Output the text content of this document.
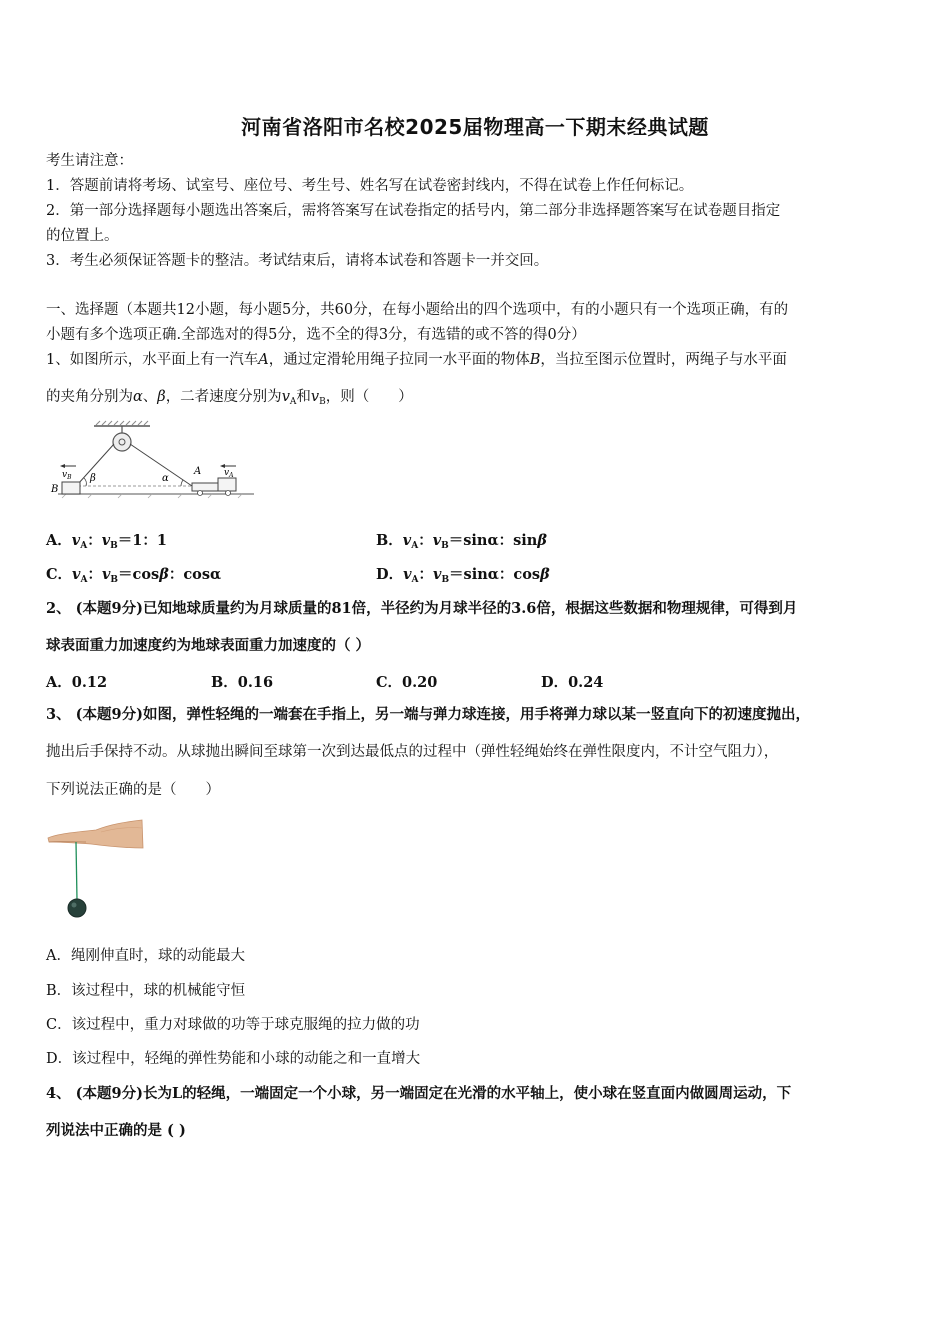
河南省洛阳市名校2025届物理高一下期末经典试题
考生请注意：
1．答题前请将考场、试室号、座位号、考生号、姓名写在试卷密封线内，不得在试卷上作任何标记。
2．第一部分选择题每小题选出答案后，需将答案写在试卷指定的括号内，第二部分非选择题答案写在试卷题目指定
的位置上。
3．考生必须保证答题卡的整洁。考试结束后，请将本试卷和答题卡一并交回。
一、选择题（本题共12小题，每小题5分，共60分，在每小题给出的四个选项中，有的小题只有一个选项正确，有的
小题有多个选项正确.全部选对的得5分，选不全的得3分，有选错的或不答的得0分）
1、如图所示，水平面上有一汽车A，通过定滑轮用绳子拉同一水平面的物体B，当拉至图示位置时，两绳子与水平面
的夹角分别为α、β，二者速度分别为$v_A$和$v_B$，则（　　）
$v_B$	$v_A$
B
A
β	α
A．$v_A$：$v_B=1$：1	B．$v_A$：$v_B=\sin\alpha$：sinβ
C．$v_A$：$v_B=\cos\beta$：cosα	D．$v_A$：$v_B=\sin\alpha$：cosβ
2、 (本题9分)已知地球质量约为月球质量的81倍，半径约为月球半径的3.6倍，根据这些数据和物理规律，可得到月
球表面重力加速度约为地球表面重力加速度的（ ）
A．0.12	B．0.16	C．0.20	D．0.24
3、 (本题9分)如图，弹性轻绳的一端套在手指上，另一端与弹力球连接，用手将弹力球以某一竖直向下的初速度抛出，
抛出后手保持不动。从球抛出瞬间至球第一次到达最低点的过程中（弹性轻绳始终在弹性限度内，不计空气阻力），
下列说法正确的是（　　）
A．绳刚伸直时，球的动能最大
B．该过程中，球的机械能守恒
C．该过程中，重力对球做的功等于球克服绳的拉力做的功
D．该过程中，轻绳的弹性势能和小球的动能之和一直增大
4、 (本题9分)长为L的轻绳，一端固定一个小球，另一端固定在光滑的水平轴上，使小球在竖直面内做圆周运动，下
列说法中正确的是 ( )
